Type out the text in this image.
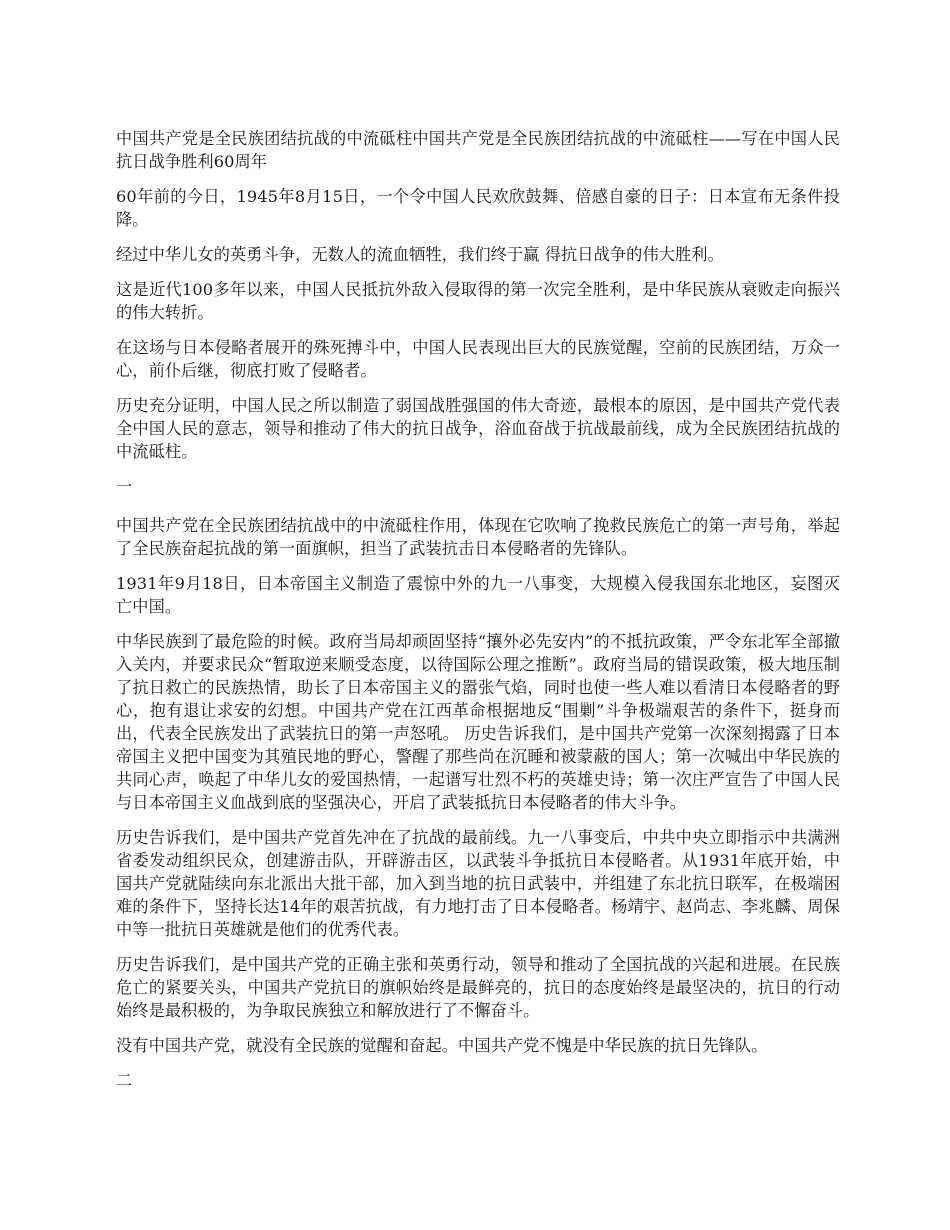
中国共产党是全民族团结抗战的中流砥柱中国共产党是全民族团结抗战的中流砥柱——写在中国人民抗日战争胜利60周年

60年前的今日，1945年8月15日，一个令中国人民欢欣鼓舞、倍感自豪的日子：日本宣布无条件投降。

经过中华儿女的英勇斗争，无数人的流血牺牲，我们终于赢 得抗日战争的伟大胜利。

这是近代100多年以来，中国人民抵抗外敌入侵取得的第一次完全胜利，是中华民族从衰败走向振兴的伟大转折。

在这场与日本侵略者展开的殊死搏斗中，中国人民表现出巨大的民族觉醒，空前的民族团结，万众一心，前仆后继，彻底打败了侵略者。

历史充分证明，中国人民之所以制造了弱国战胜强国的伟大奇迹，最根本的原因，是中国共产党代表全中国人民的意志，领导和推动了伟大的抗日战争，浴血奋战于抗战最前线，成为全民族团结抗战的中流砥柱。

一

中国共产党在全民族团结抗战中的中流砥柱作用，体现在它吹响了挽救民族危亡的第一声号角，举起了全民族奋起抗战的第一面旗帜，担当了武装抗击日本侵略者的先锋队。

1931年9月18日，日本帝国主义制造了震惊中外的九一八事变，大规模入侵我国东北地区，妄图灭亡中国。

中华民族到了最危险的时候。政府当局却顽固坚持“攘外必先安内”的不抵抗政策，严令东北军全部撤入关内，并要求民众“暂取逆来顺受态度，以待国际公理之推断”。政府当局的错误政策，极大地压制了抗日救亡的民族热情，助长了日本帝国主义的嚣张气焰，同时也使一些人难以看清日本侵略者的野心，抱有退让求安的幻想。中国共产党在江西革命根据地反“围剿”斗争极端艰苦的条件下，挺身而出，代表全民族发出了武装抗日的第一声怒吼。 历史告诉我们，是中国共产党第一次深刻揭露了日本帝国主义把中国变为其殖民地的野心，警醒了那些尚在沉睡和被蒙蔽的国人；第一次喊出中华民族的共同心声，唤起了中华儿女的爱国热情，一起谱写壮烈不朽的英雄史诗；第一次庄严宣告了中国人民与日本帝国主义血战到底的坚强决心，开启了武装抵抗日本侵略者的伟大斗争。

历史告诉我们，是中国共产党首先冲在了抗战的最前线。九一八事变后，中共中央立即指示中共满洲省委发动组织民众，创建游击队，开辟游击区，以武装斗争抵抗日本侵略者。从1931年底开始，中国共产党就陆续向东北派出大批干部，加入到当地的抗日武装中，并组建了东北抗日联军，在极端困难的条件下，坚持长达14年的艰苦抗战，有力地打击了日本侵略者。杨靖宇、赵尚志、李兆麟、周保中等一批抗日英雄就是他们的优秀代表。

历史告诉我们，是中国共产党的正确主张和英勇行动，领导和推动了全国抗战的兴起和进展。在民族危亡的紧要关头，中国共产党抗日的旗帜始终是最鲜亮的，抗日的态度始终是最坚决的，抗日的行动始终是最积极的，为争取民族独立和解放进行了不懈奋斗。

没有中国共产党，就没有全民族的觉醒和奋起。中国共产党不愧是中华民族的抗日先锋队。

二
